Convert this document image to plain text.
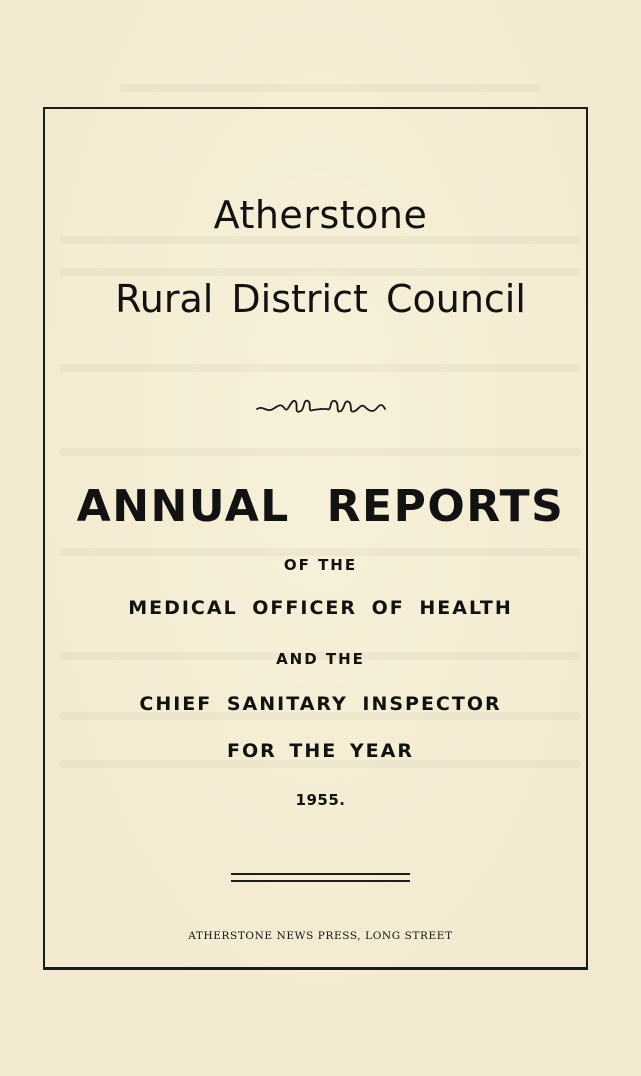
Atherstone
Rural District Council
ANNUAL REPORTS
OF THE
MEDICAL OFFICER OF HEALTH
AND THE
CHIEF SANITARY INSPECTOR
FOR THE YEAR
1955.
ATHERSTONE NEWS PRESS, LONG STREET
